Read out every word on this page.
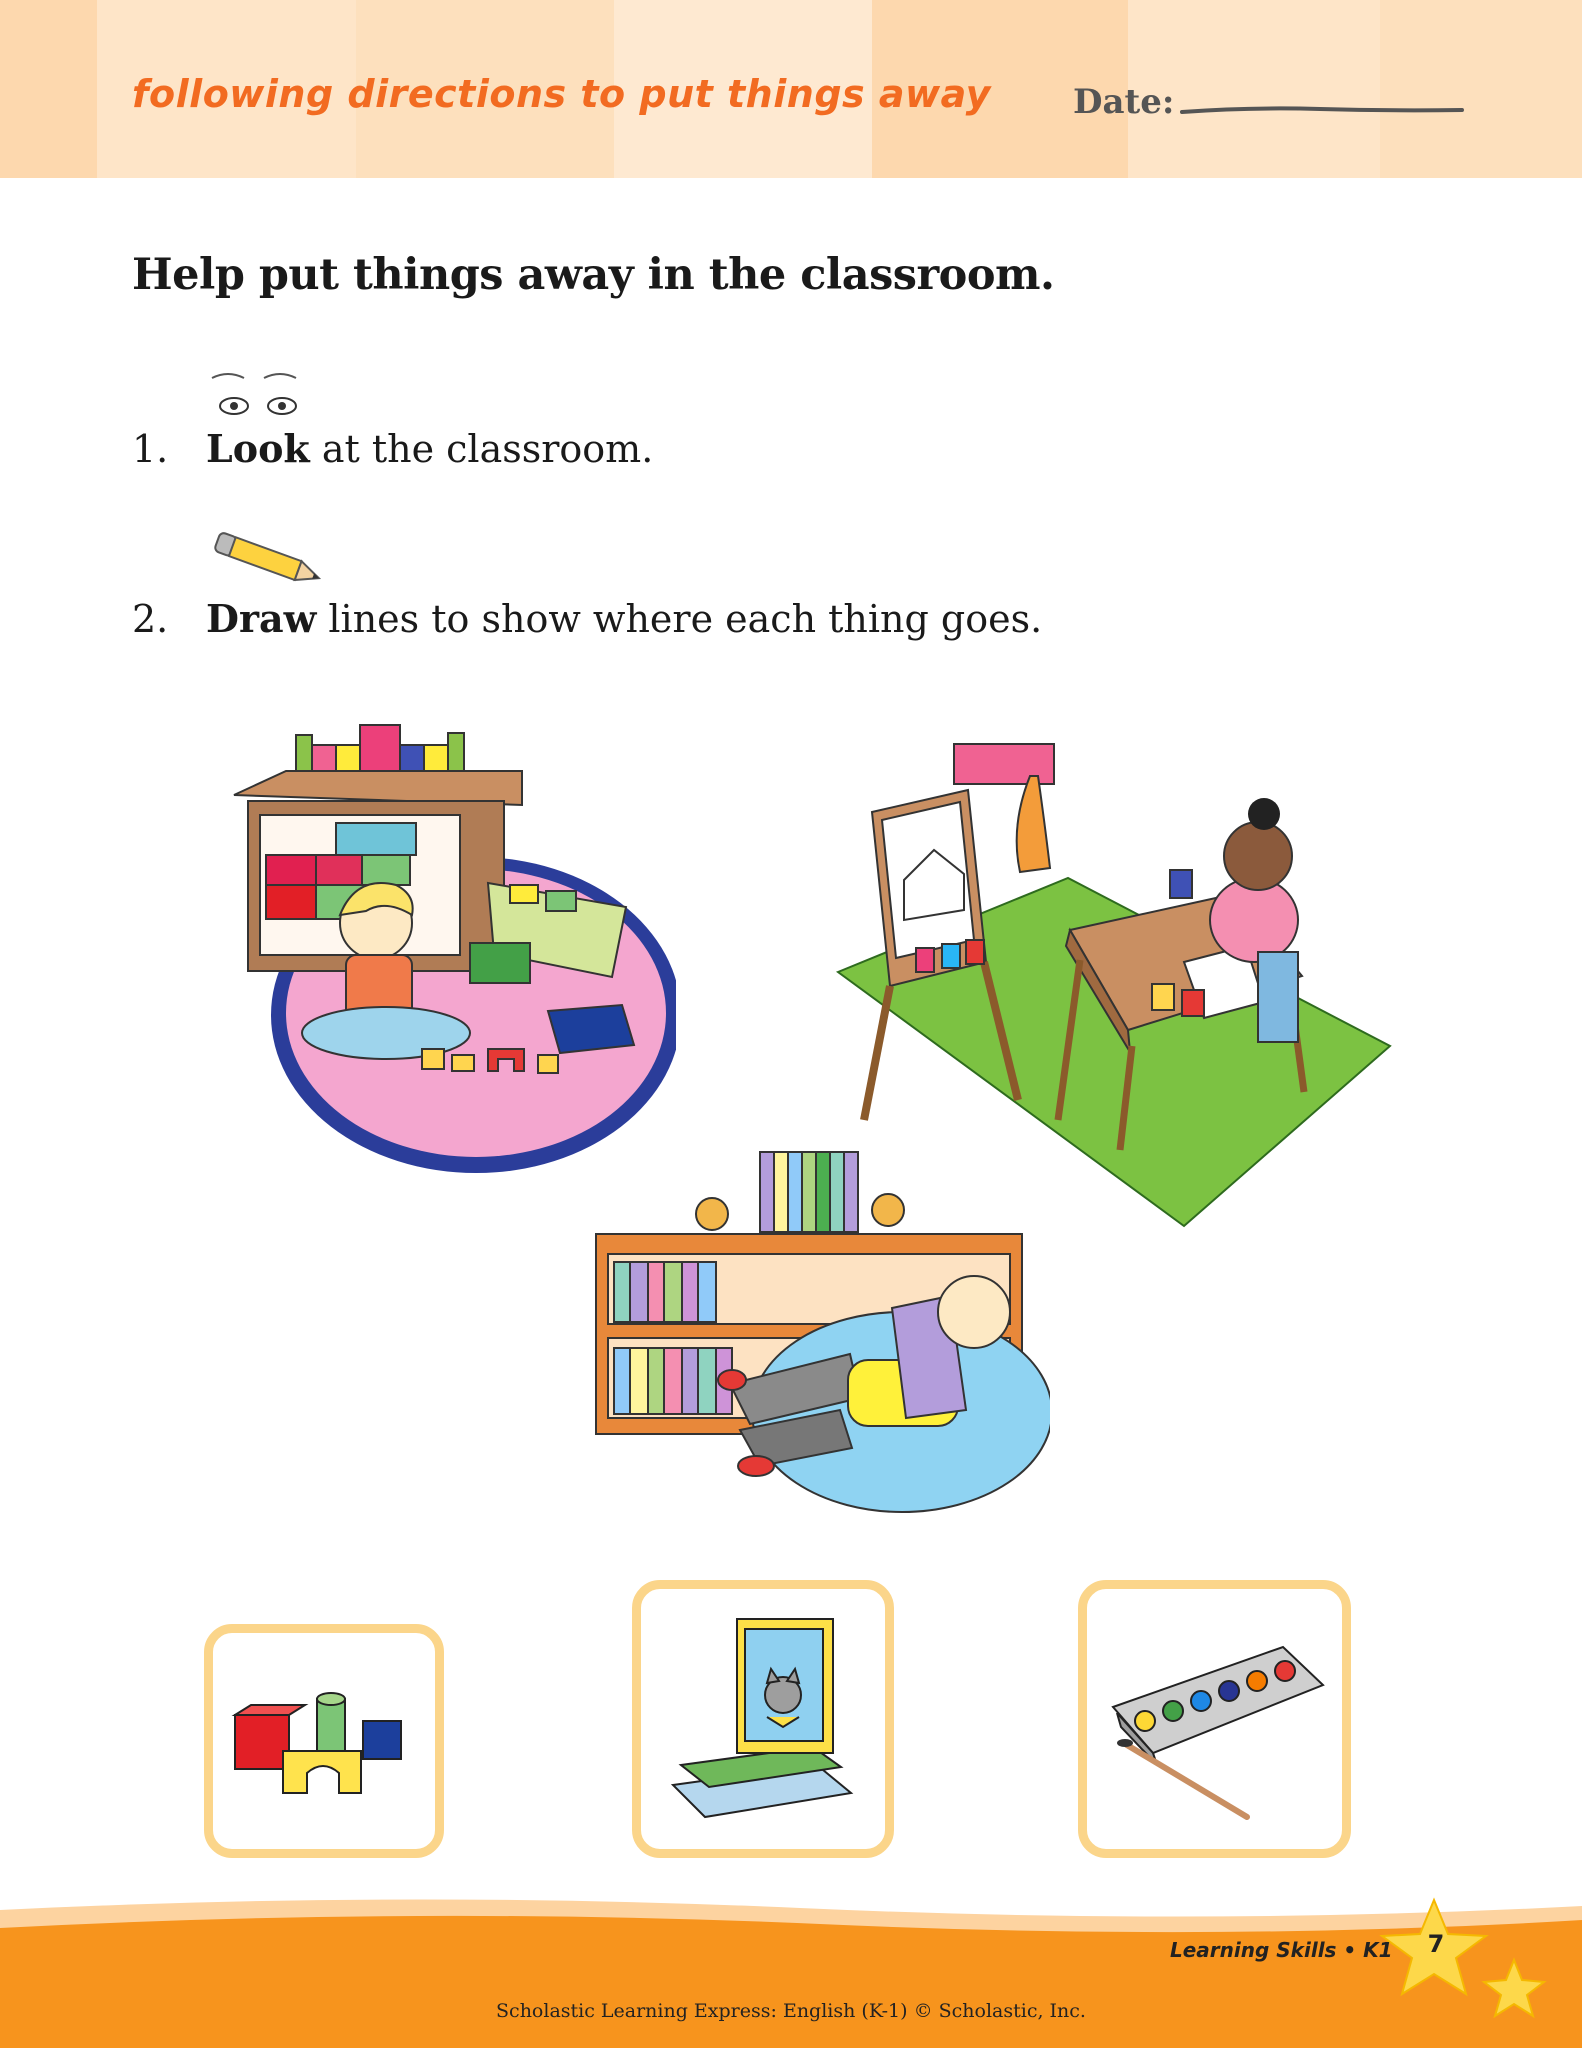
following directions to put things away Date:
Help put things away in the classroom.
1. Look at the classroom.
2. Draw lines to show where each thing goes.
Learning Skills • K1 7
Scholastic Learning Express: English (K-1) © Scholastic, Inc.
